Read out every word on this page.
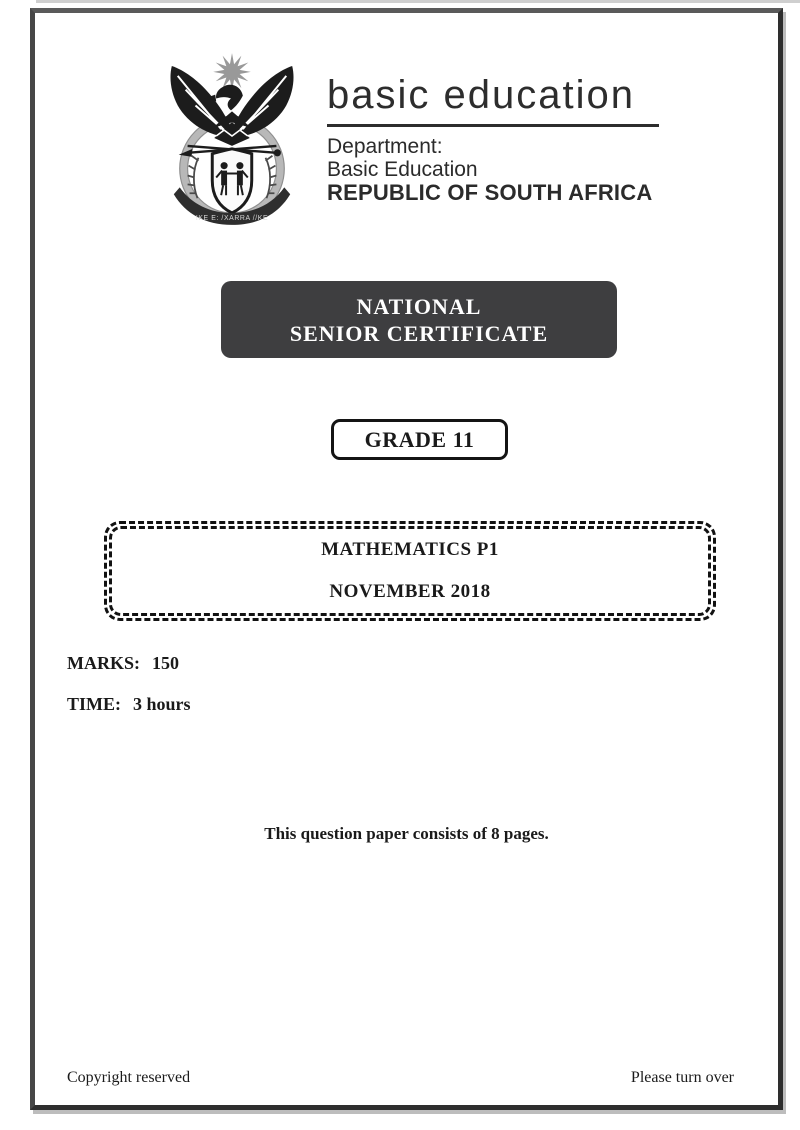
!KE E: /XARRA //KE
basic education
Department:
Basic Education
REPUBLIC OF SOUTH AFRICA
NATIONAL
SENIOR CERTIFICATE
GRADE 11
MATHEMATICS P1
NOVEMBER 2018
MARKS: 150
TIME: 3 hours
This question paper consists of 8 pages.
Copyright reserved	Please turn over
